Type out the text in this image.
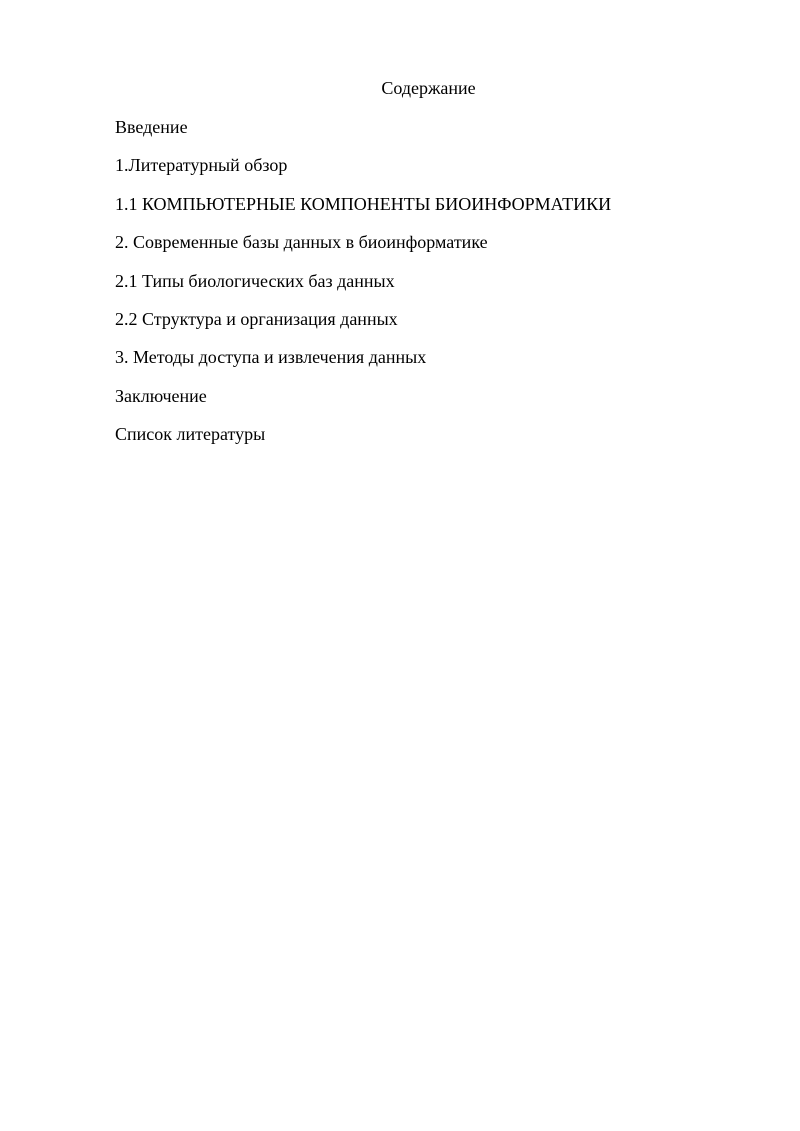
Содержание
Введение
1.Литературный обзор
1.1 КОМПЬЮТЕРНЫЕ КОМПОНЕНТЫ БИОИНФОРМАТИКИ
2. Современные базы данных в биоинформатике
2.1 Типы биологических баз данных
2.2 Структура и организация данных
3. Методы доступа и извлечения данных
Заключение
Список литературы
